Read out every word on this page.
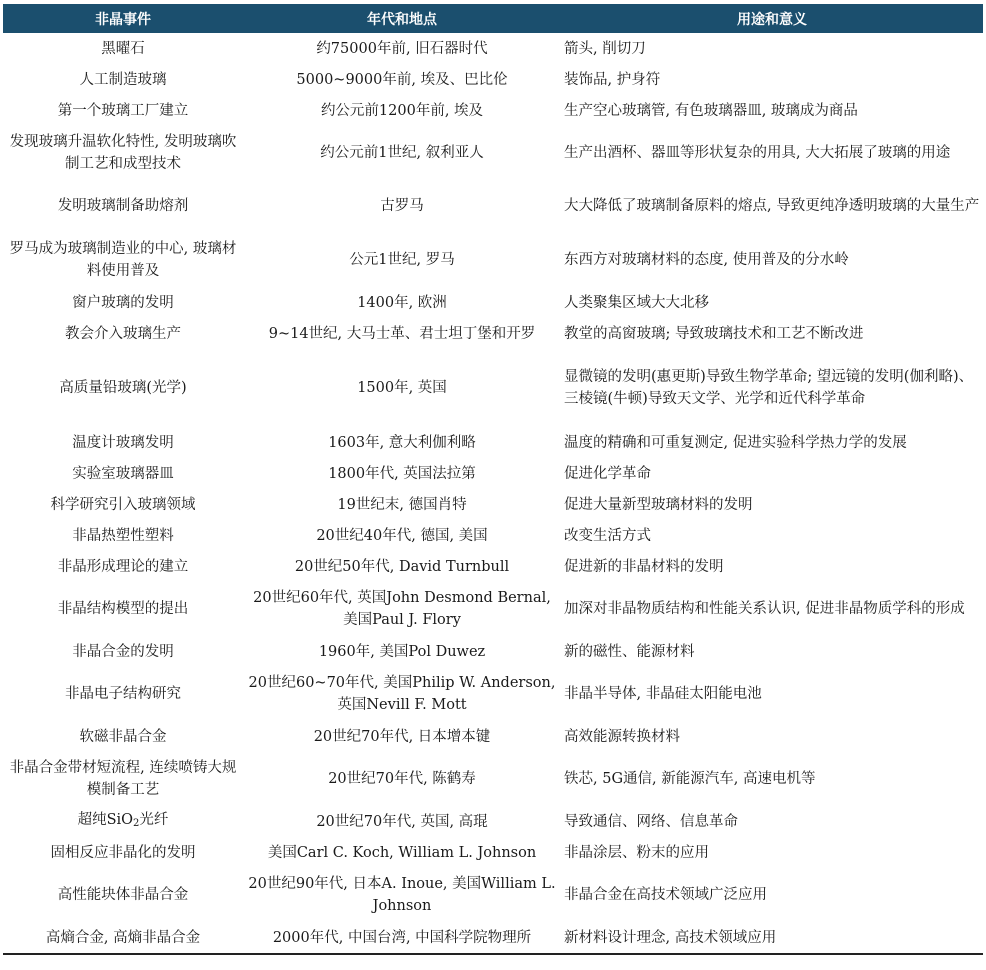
非晶事件	年代和地点	用途和意义
黑曜石	约75000年前, 旧石器时代	箭头, 削切刀
人工制造玻璃	5000~9000年前, 埃及、巴比伦	装饰品, 护身符
第一个玻璃工厂建立	约公元前1200年前, 埃及	生产空心玻璃管, 有色玻璃器皿, 玻璃成为商品
发现玻璃升温软化特性, 发明玻璃吹制工艺和成型技术	约公元前1世纪, 叙利亚人	生产出酒杯、器皿等形状复杂的用具, 大大拓展了玻璃的用途
发明玻璃制备助熔剂	古罗马	大大降低了玻璃制备原料的熔点, 导致更纯净透明玻璃的大量生产
罗马成为玻璃制造业的中心, 玻璃材料使用普及	公元1世纪, 罗马	东西方对玻璃材料的态度, 使用普及的分水岭
窗户玻璃的发明	1400年, 欧洲	人类聚集区域大大北移
教会介入玻璃生产	9~14世纪, 大马士革、君士坦丁堡和开罗	教堂的高窗玻璃; 导致玻璃技术和工艺不断改进
高质量铅玻璃(光学)	1500年, 英国	显微镜的发明(惠更斯)导致生物学革命; 望远镜的发明(伽利略)、三棱镜(牛顿)导致天文学、光学和近代科学革命
温度计玻璃发明	1603年, 意大利伽利略	温度的精确和可重复测定, 促进实验科学热力学的发展
实验室玻璃器皿	1800年代, 英国法拉第	促进化学革命
科学研究引入玻璃领域	19世纪末, 德国肖特	促进大量新型玻璃材料的发明
非晶热塑性塑料	20世纪40年代, 德国, 美国	改变生活方式
非晶形成理论的建立	20世纪50年代, David Turnbull	促进新的非晶材料的发明
非晶结构模型的提出	20世纪60年代, 英国John Desmond Bernal, 美国Paul J. Flory	加深对非晶物质结构和性能关系认识, 促进非晶物质学科的形成
非晶合金的发明	1960年, 美国Pol Duwez	新的磁性、能源材料
非晶电子结构研究	20世纪60~70年代, 美国Philip W. Anderson, 英国Nevill F. Mott	非晶半导体, 非晶硅太阳能电池
软磁非晶合金	20世纪70年代, 日本增本键	高效能源转换材料
非晶合金带材短流程, 连续喷铸大规模制备工艺	20世纪70年代, 陈鹤寿	铁芯, 5G通信, 新能源汽车, 高速电机等
超纯SiO$_2$光纤	20世纪70年代, 英国, 高琨	导致通信、网络、信息革命
固相反应非晶化的发明	美国Carl C. Koch, William L. Johnson	非晶涂层、粉末的应用
高性能块体非晶合金	20世纪90年代, 日本A. Inoue, 美国William L. Johnson	非晶合金在高技术领域广泛应用
高熵合金, 高熵非晶合金	2000年代, 中国台湾, 中国科学院物理所	新材料设计理念, 高技术领域应用
